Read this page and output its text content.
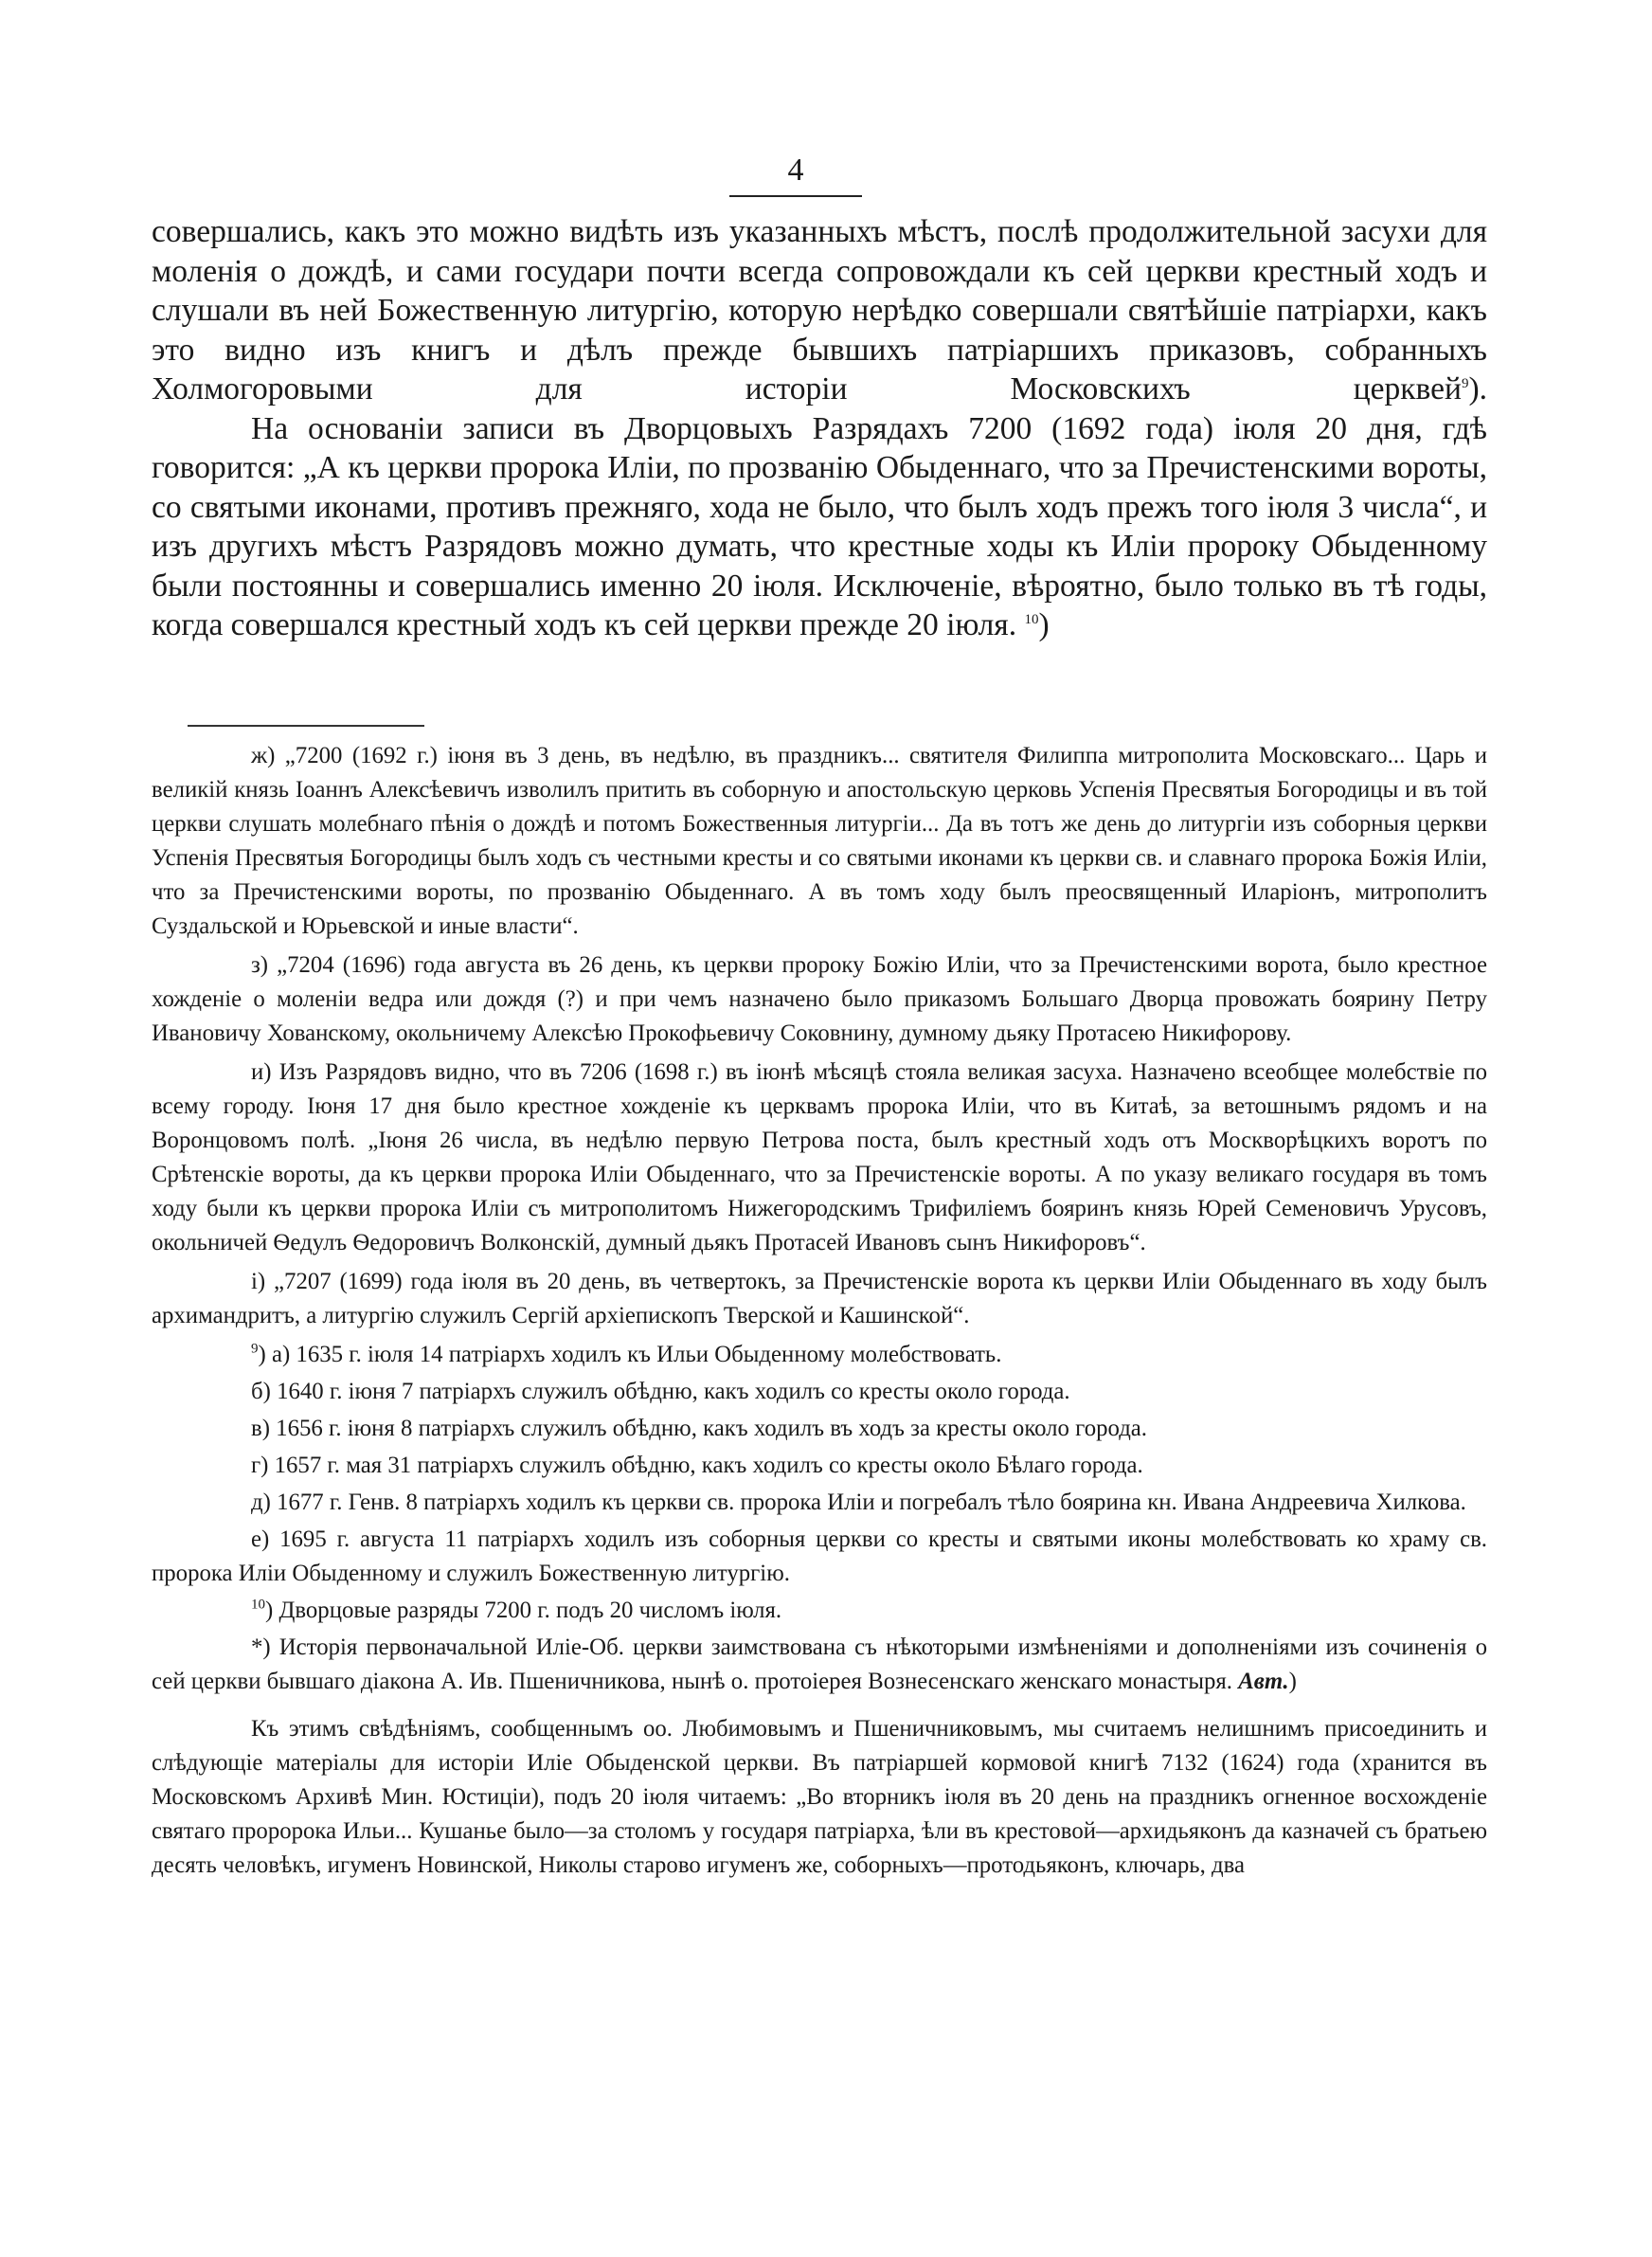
4

совершались, какъ это можно видѣть изъ указанныхъ мѣстъ, послѣ продолжительной засухи для моленія о дождѣ, и сами государи почти всегда сопровождали къ сей церкви крестный ходъ и слушали въ ней Божественную литургію, которую нерѣдко совершали святѣйшіе патріархи, какъ это видно изъ книгъ и дѣлъ прежде бывшихъ патріаршихъ приказовъ, собранныхъ Холмогоровыми для исторіи Московскихъ церквей$^9$).

На основаніи записи въ Дворцовыхъ Разрядахъ 7200 (1692 года) іюля 20 дня, гдѣ говорится: „А къ церкви пророка Иліи, по прозванію Обыденнаго, что за Пречистенскими вороты, со святыми иконами, противъ прежняго, хода не было, что былъ ходъ прежъ того іюля 3 числа“, и изъ другихъ мѣстъ Разрядовъ можно думать, что крестные ходы къ Иліи пророку Обыденному были постоянны и совершались именно 20 іюля. Исключеніе, вѣроятно, было только въ тѣ годы, когда совершался крестный ходъ къ сей церкви прежде 20 іюля. $^{10}$)

ж) „7200 (1692 г.) іюня въ 3 день, въ недѣлю, въ праздникъ... святителя Филиппа митрополита Московскаго... Царь и великій князь Іоаннъ Алексѣевичъ изволилъ притить въ соборную и апостольскую церковь Успенія Пресвятыя Богородицы и въ той церкви слушать молебнаго пѣнія о дождѣ и потомъ Божественныя литургіи... Да въ тотъ же день до литургіи изъ соборныя церкви Успенія Пресвятыя Богородицы былъ ходъ съ честными кресты и со святыми иконами къ церкви св. и славнаго пророка Божія Иліи, что за Пречистенскими вороты, по прозванію Обыденнаго. А въ томъ ходу былъ преосвященный Иларіонъ, митрополитъ Суздальской и Юрьевской и иные власти“.

з) „7204 (1696) года августа въ 26 день, къ церкви пророку Божію Иліи, что за Пречистенскими ворота, было крестное хожденіе о моленіи ведра или дождя (?) и при чемъ назначено было приказомъ Большаго Дворца провожать боярину Петру Ивановичу Хованскому, окольничему Алексѣю Прокофьевичу Соковнину, думному дьяку Протасею Никифорову.

и) Изъ Разрядовъ видно, что въ 7206 (1698 г.) въ іюнѣ мѣсяцѣ стояла великая засуха. Назначено всеобщее молебствіе по всему городу. Іюня 17 дня было крестное хожденіе къ церквамъ пророка Иліи, что въ Китаѣ, за ветошнымъ рядомъ и на Воронцовомъ полѣ. „Іюня 26 числа, въ недѣлю первую Петрова поста, былъ крестный ходъ отъ Москворѣцкихъ воротъ по Срѣтенскіе вороты, да къ церкви пророка Иліи Обыденнаго, что за Пречистенскіе вороты. А по указу великаго государя въ томъ ходу были къ церкви пророка Иліи съ митрополитомъ Нижегородскимъ Трифиліемъ бояринъ князь Юрей Семеновичъ Урусовъ, окольничей Ѳедулъ Ѳедоровичъ Волконскій, думный дьякъ Протасей Ивановъ сынъ Никифоровъ“.

і) „7207 (1699) года іюля въ 20 день, въ четвертокъ, за Пречистенскіе ворота къ церкви Иліи Обыденнаго въ ходу былъ архимандритъ, а литургію служилъ Сергій архіепископъ Тверской и Кашинской“.

$^9$) а) 1635 г. іюля 14 патріархъ ходилъ къ Ильи Обыденному молебствовать.

б) 1640 г. іюня 7 патріархъ служилъ обѣдню, какъ ходилъ со кресты около города.

в) 1656 г. іюня 8 патріархъ служилъ обѣдню, какъ ходилъ въ ходъ за кресты около города.

г) 1657 г. мая 31 патріархъ служилъ обѣдню, какъ ходилъ со кресты около Бѣлаго города.

д) 1677 г. Генв. 8 патріархъ ходилъ къ церкви св. пророка Иліи и погребалъ тѣло боярина кн. Ивана Андреевича Хилкова.

е) 1695 г. августа 11 патріархъ ходилъ изъ соборныя церкви со кресты и святыми иконы молебствовать ко храму св. пророка Иліи Обыденному и служилъ Божественную литургію.

$^{10}$) Дворцовые разряды 7200 г. подъ 20 числомъ іюля.

*) Исторія первоначальной Иліе-Об. церкви заимствована съ нѣкоторыми измѣненіями и дополненіями изъ сочиненія о сей церкви бывшаго діакона А. Ив. Пшеничникова, нынѣ о. протоіерея Вознесенскаго женскаго монастыря. Авт.)

Къ этимъ свѣдѣніямъ, сообщеннымъ оо. Любимовымъ и Пшеничниковымъ, мы считаемъ нелишнимъ присоединить и слѣдующіе матеріалы для исторіи Иліе Обыденской церкви. Въ патріаршей кормовой книгѣ 7132 (1624) года (хранится въ Московскомъ Архивѣ Мин. Юстиціи), подъ 20 іюля читаемъ: „Во вторникъ іюля въ 20 день на праздникъ огненное восхожденіе святаго проророка Ильи... Кушанье было—за столомъ у государя патріарха, ѣли въ крестовой—архидьяконъ да казначей съ братьею десять человѣкъ, игуменъ Новинской, Николы старово игуменъ же, соборныхъ—протодьяконъ, ключарь, два
